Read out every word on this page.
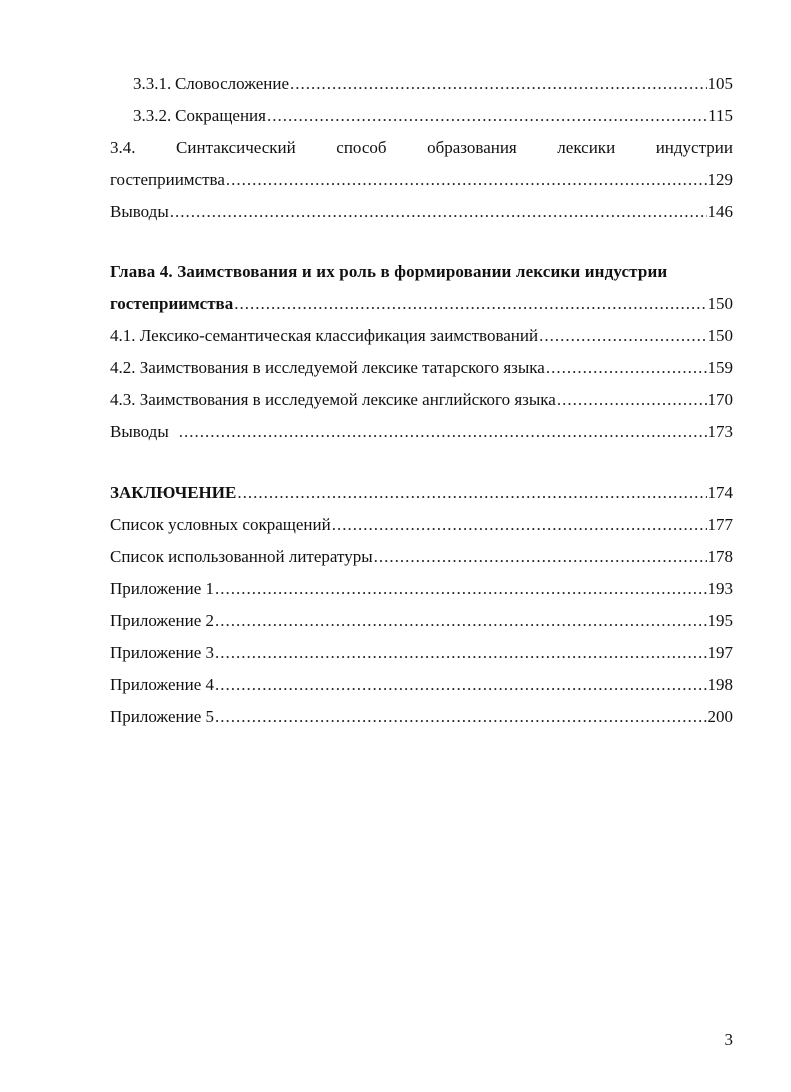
3.3.1. Словосложение .....	105
3.3.2. Сокращения .....	115
3.4. Синтаксический способ образования лексики индустрии
гостеприимства .....	129
Выводы .....	146
Глава 4. Заимствования и их роль в формировании лексики индустрии
гостеприимства .....	150
4.1. Лексико-семантическая классификация заимствований .....	150
4.2. Заимствования в исследуемой лексике татарского языка .....	159
4.3. Заимствования в исследуемой лексике английского языка .....	170
Выводы .....	173
ЗАКЛЮЧЕНИЕ .....	174
Список условных сокращений .....	177
Список использованной литературы .....	178
Приложение 1 .....	193
Приложение 2 .....	195
Приложение 3 .....	197
Приложение 4 .....	198
Приложение 5 .....	200
3
